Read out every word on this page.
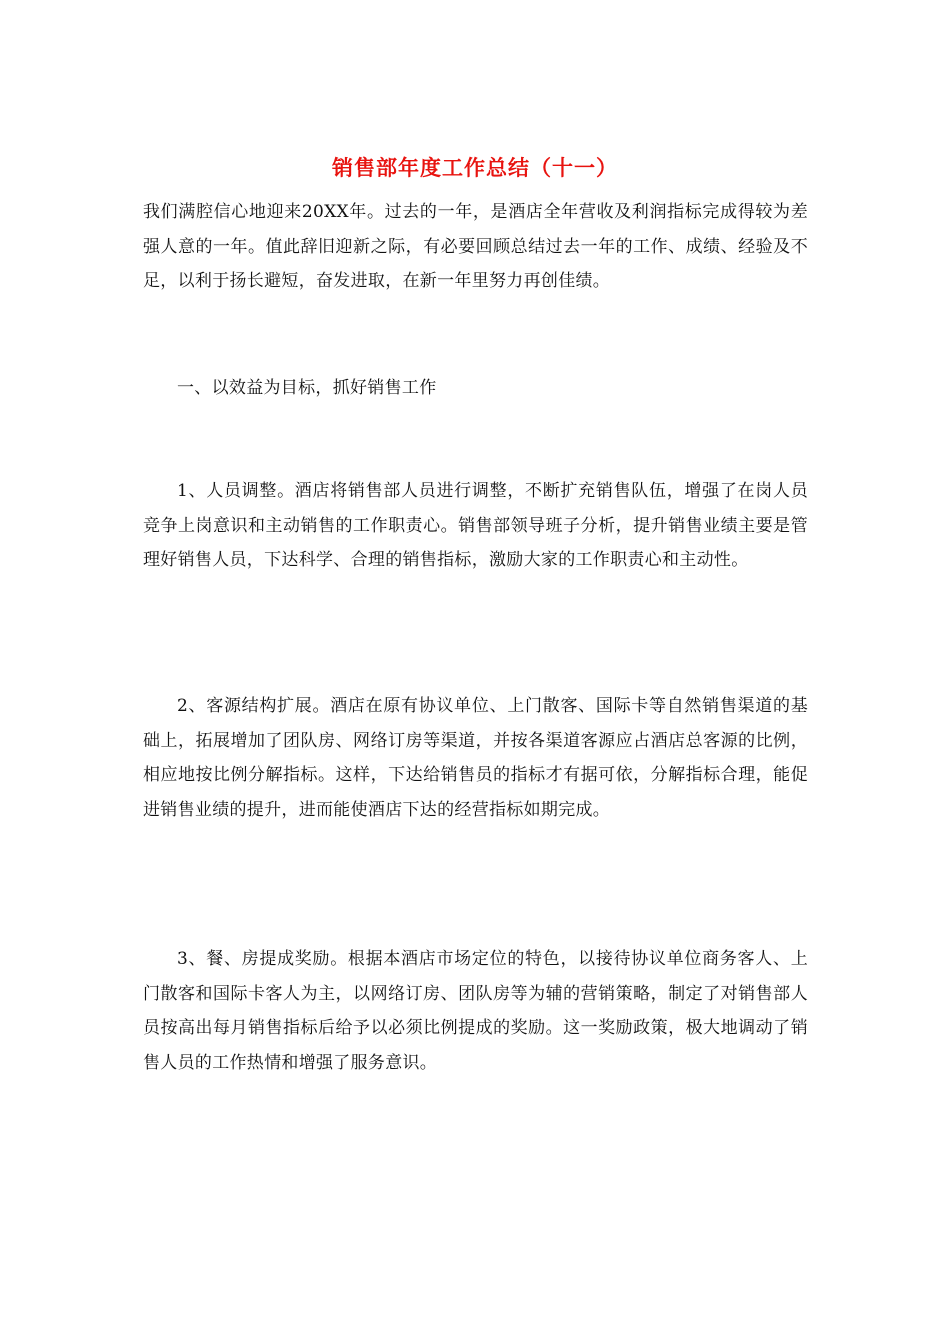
销售部年度工作总结（十一）

我们满腔信心地迎来20XX年。过去的一年，是酒店全年营收及利润指标完成得较为差强人意的一年。值此辞旧迎新之际，有必要回顾总结过去一年的工作、成绩、经验及不足，以利于扬长避短，奋发进取，在新一年里努力再创佳绩。

一、以效益为目标，抓好销售工作

1、人员调整。酒店将销售部人员进行调整，不断扩充销售队伍，增强了在岗人员竞争上岗意识和主动销售的工作职责心。销售部领导班子分析，提升销售业绩主要是管理好销售人员，下达科学、合理的销售指标，激励大家的工作职责心和主动性。

2、客源结构扩展。酒店在原有协议单位、上门散客、国际卡等自然销售渠道的基础上，拓展增加了团队房、网络订房等渠道，并按各渠道客源应占酒店总客源的比例，相应地按比例分解指标。这样，下达给销售员的指标才有据可依，分解指标合理，能促进销售业绩的提升，进而能使酒店下达的经营指标如期完成。

3、餐、房提成奖励。根据本酒店市场定位的特色，以接待协议单位商务客人、上门散客和国际卡客人为主，以网络订房、团队房等为辅的营销策略，制定了对销售部人员按高出每月销售指标后给予以必须比例提成的奖励。这一奖励政策，极大地调动了销售人员的工作热情和增强了服务意识。
